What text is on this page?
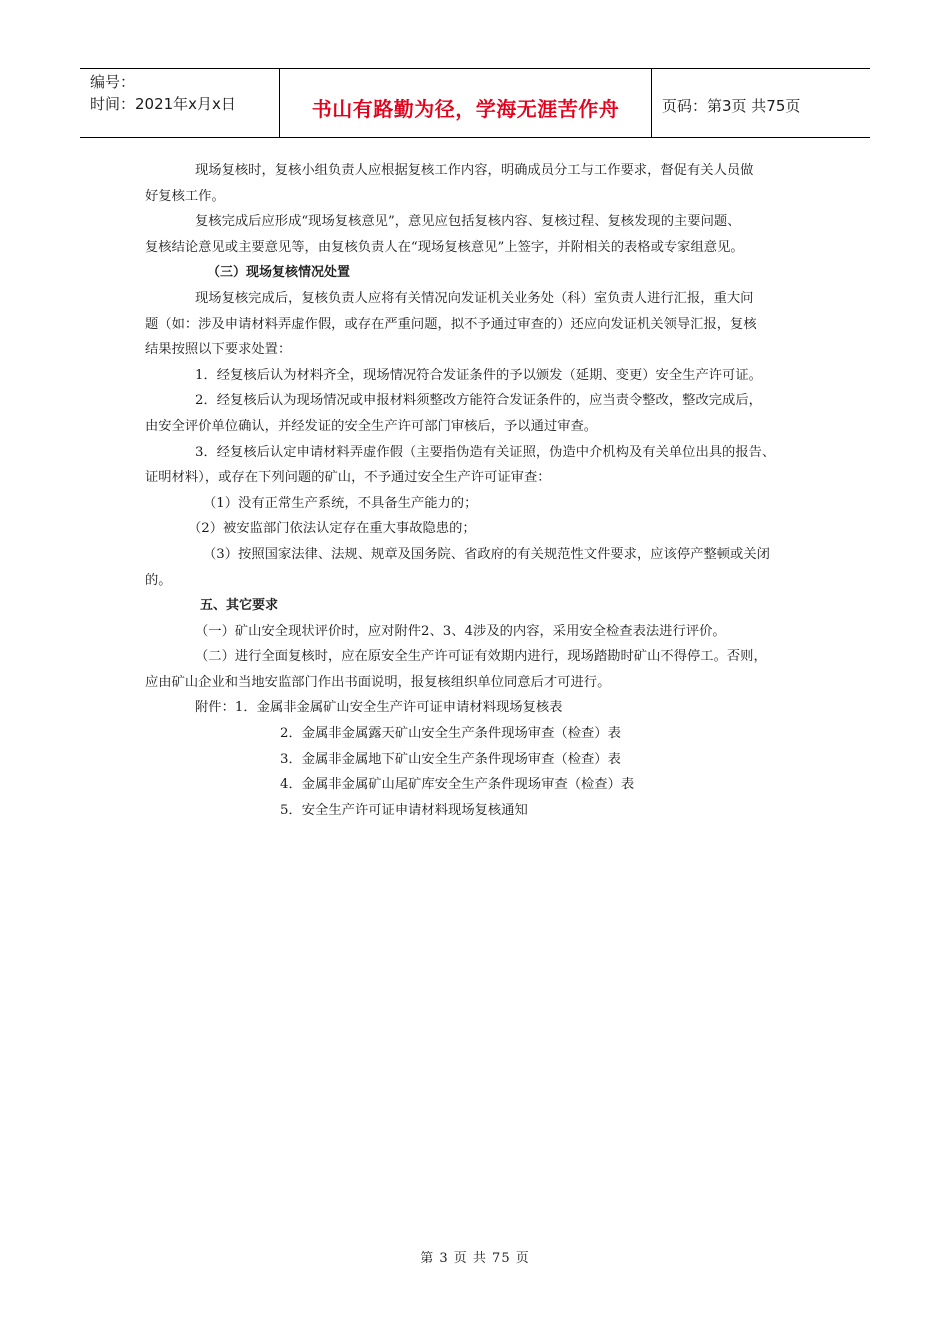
编号：
时间：2021年x月x日	书山有路勤为径，学海无涯苦作舟	页码：第3页 共75页

现场复核时，复核小组负责人应根据复核工作内容，明确成员分工与工作要求，督促有关人员做

好复核工作。

复核完成后应形成“现场复核意见”，意见应包括复核内容、复核过程、复核发现的主要问题、

复核结论意见或主要意见等，由复核负责人在“现场复核意见”上签字，并附相关的表格或专家组意见。

（三）现场复核情况处置

现场复核完成后，复核负责人应将有关情况向发证机关业务处（科）室负责人进行汇报，重大问

题（如：涉及申请材料弄虚作假，或存在严重问题，拟不予通过审查的）还应向发证机关领导汇报，复核

结果按照以下要求处置：

1．经复核后认为材料齐全，现场情况符合发证条件的予以颁发（延期、变更）安全生产许可证。

2．经复核后认为现场情况或申报材料须整改方能符合发证条件的，应当责令整改，整改完成后，

由安全评价单位确认，并经发证的安全生产许可部门审核后，予以通过审查。

3．经复核后认定申请材料弄虚作假（主要指伪造有关证照，伪造中介机构及有关单位出具的报告、

证明材料），或存在下列问题的矿山，不予通过安全生产许可证审查：

（1）没有正常生产系统，不具备生产能力的；

（2）被安监部门依法认定存在重大事故隐患的；

（3）按照国家法律、法规、规章及国务院、省政府的有关规范性文件要求，应该停产整顿或关闭

的。

五、其它要求

（一）矿山安全现状评价时，应对附件2、3、4涉及的内容，采用安全检查表法进行评价。

（二）进行全面复核时，应在原安全生产许可证有效期内进行，现场踏勘时矿山不得停工。否则，

应由矿山企业和当地安监部门作出书面说明，报复核组织单位同意后才可进行。

附件：1．金属非金属矿山安全生产许可证申请材料现场复核表

2．金属非金属露天矿山安全生产条件现场审查（检查）表

3．金属非金属地下矿山安全生产条件现场审查（检查）表

4．金属非金属矿山尾矿库安全生产条件现场审查（检查）表

5．安全生产许可证申请材料现场复核通知

第 3 页 共 75 页
